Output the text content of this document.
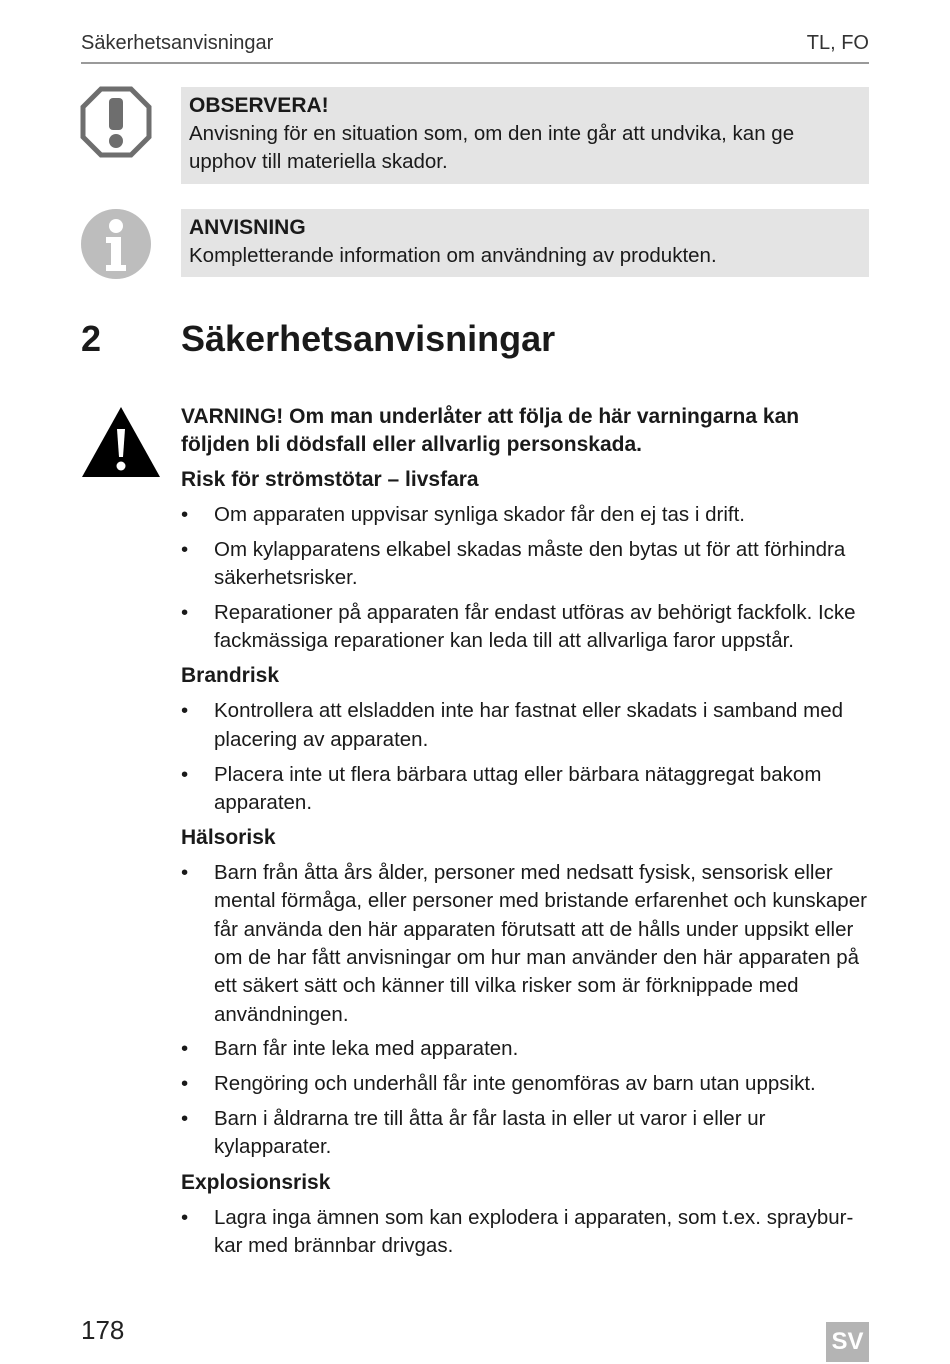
Säkerhetsanvisningar	TL, FO
OBSERVERA!
Anvisning för en situation som, om den inte går att undvika, kan ge upphov till materiella skador.
ANVISNING
Kompletterande information om användning av produkten.
2 Säkerhetsanvisningar

VARNING! Om man underlåter att följa de här varningarna kan följden bli dödsfall eller allvarlig personskada.

Risk för strömstötar – livsfara
• Om apparaten uppvisar synliga skador får den ej tas i drift.
• Om kylapparatens elkabel skadas måste den bytas ut för att förhindra säkerhetsrisker.
• Reparationer på apparaten får endast utföras av behörigt fackfolk. Icke fackmässiga reparationer kan leda till att allvarliga faror uppstår.
Brandrisk
• Kontrollera att elsladden inte har fastnat eller skadats i samband med placering av apparaten.
• Placera inte ut flera bärbara uttag eller bärbara nätaggregat bakom apparaten.
Hälsorisk
• Barn från åtta års ålder, personer med nedsatt fysisk, sensorisk eller mental förmåga, eller personer med bristande erfarenhet och kunskaper får använda den här apparaten förutsatt att de hålls under uppsikt eller om de har fått anvisningar om hur man använder den här apparaten på ett säkert sätt och känner till vilka risker som är förknippade med användningen.
• Barn får inte leka med apparaten.
• Rengöring och underhåll får inte genomföras av barn utan uppsikt.
• Barn i åldrarna tre till åtta år får lasta in eller ut varor i eller ur kylapparater.
Explosionsrisk
• Lagra inga ämnen som kan explodera i apparaten, som t.ex. sprayburkar med brännbar drivgas.
178	SV
